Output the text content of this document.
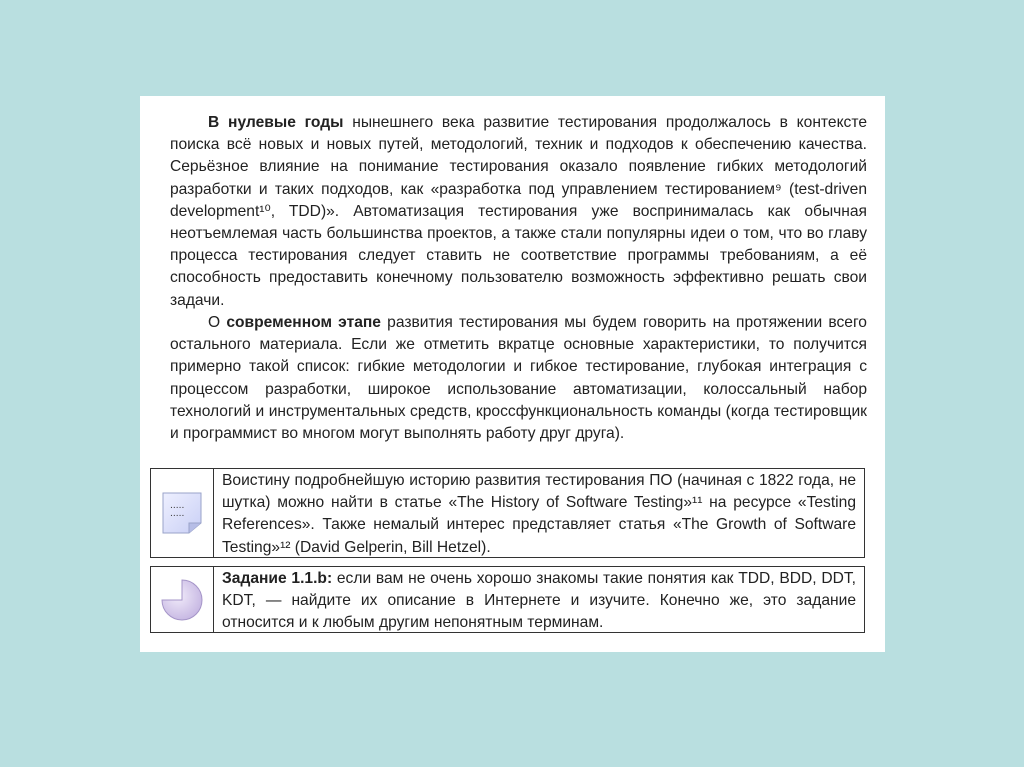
В нулевые годы нынешнего века развитие тестирования продолжалось в контексте поиска всё новых и новых путей, методологий, техник и подходов к обеспечению качества. Серьёзное влияние на понимание тестирования оказало появление гибких методологий разработки и таких подходов, как «разработка под управлением тестированием⁹ (test-driven development¹⁰, TDD)». Автоматизация тестирования уже воспринималась как обычная неотъемлемая часть большинства проектов, а также стали популярны идеи о том, что во главу процесса тестирования следует ставить не соответствие программы требованиям, а её способность предоставить конечному пользователю возможность эффективно решать свои задачи.

О современном этапе развития тестирования мы будем говорить на протяжении всего остального материала. Если же отметить вкратце основные характеристики, то получится примерно такой список: гибкие методологии и гибкое тестирование, глубокая интеграция с процессом разработки, широкое использование автоматизации, колоссальный набор технологий и инструментальных средств, кроссфункциональность команды (когда тестировщик и программист во многом могут выполнять работу друг друга).

.....
.....
Воистину подробнейшую историю развития тестирования ПО (начиная с 1822 года, не шутка) можно найти в статье «The History of Software Testing»¹¹ на ресурсе «Testing References». Также немалый интерес представляет статья «The Growth of Software Testing»¹² (David Gelperin, Bill Hetzel).
Задание 1.1.b: если вам не очень хорошо знакомы такие понятия как TDD, BDD, DDT, KDT, — найдите их описание в Интернете и изучите. Конечно же, это задание относится и к любым другим непонятным терминам.
